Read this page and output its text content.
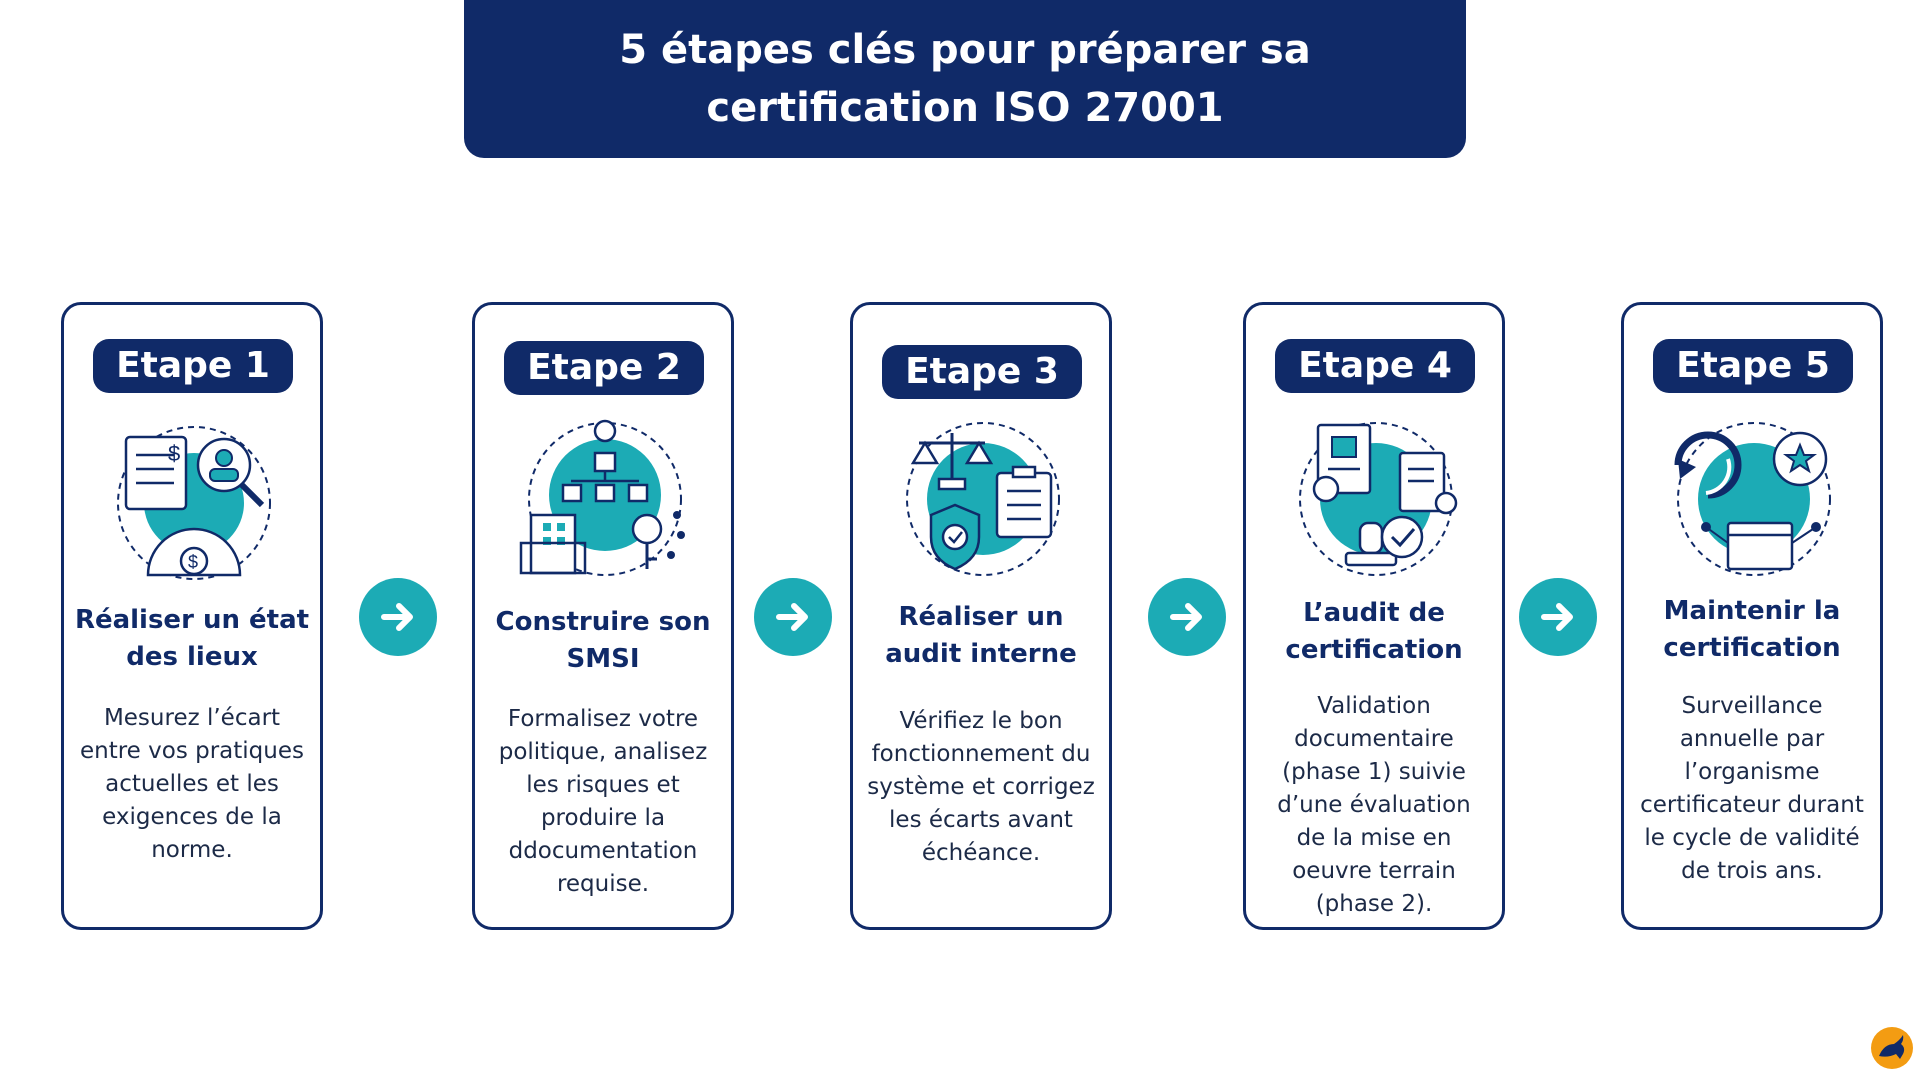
5 étapes clés pour préparer sa certification ISO 27001
Etape 1
$
$
Réaliser un état des lieux
Mesurez l’écart entre vos pratiques actuelles et les exigences de la norme.
Etape 2
Construire son SMSI
Formalisez votre politique, analisez les risques et produire la ddocumentation requise.
Etape 3
Réaliser un audit interne
Vérifiez le bon fonctionnement du système et corrigez les écarts avant échéance.
Etape 4
L’audit de certification
Validation documentaire (phase 1) suivie d’une évaluation de la mise en oeuvre terrain (phase 2).
Etape 5
Maintenir la certification
Surveillance annuelle par l’organisme certificateur durant le cycle de validité de trois ans.
